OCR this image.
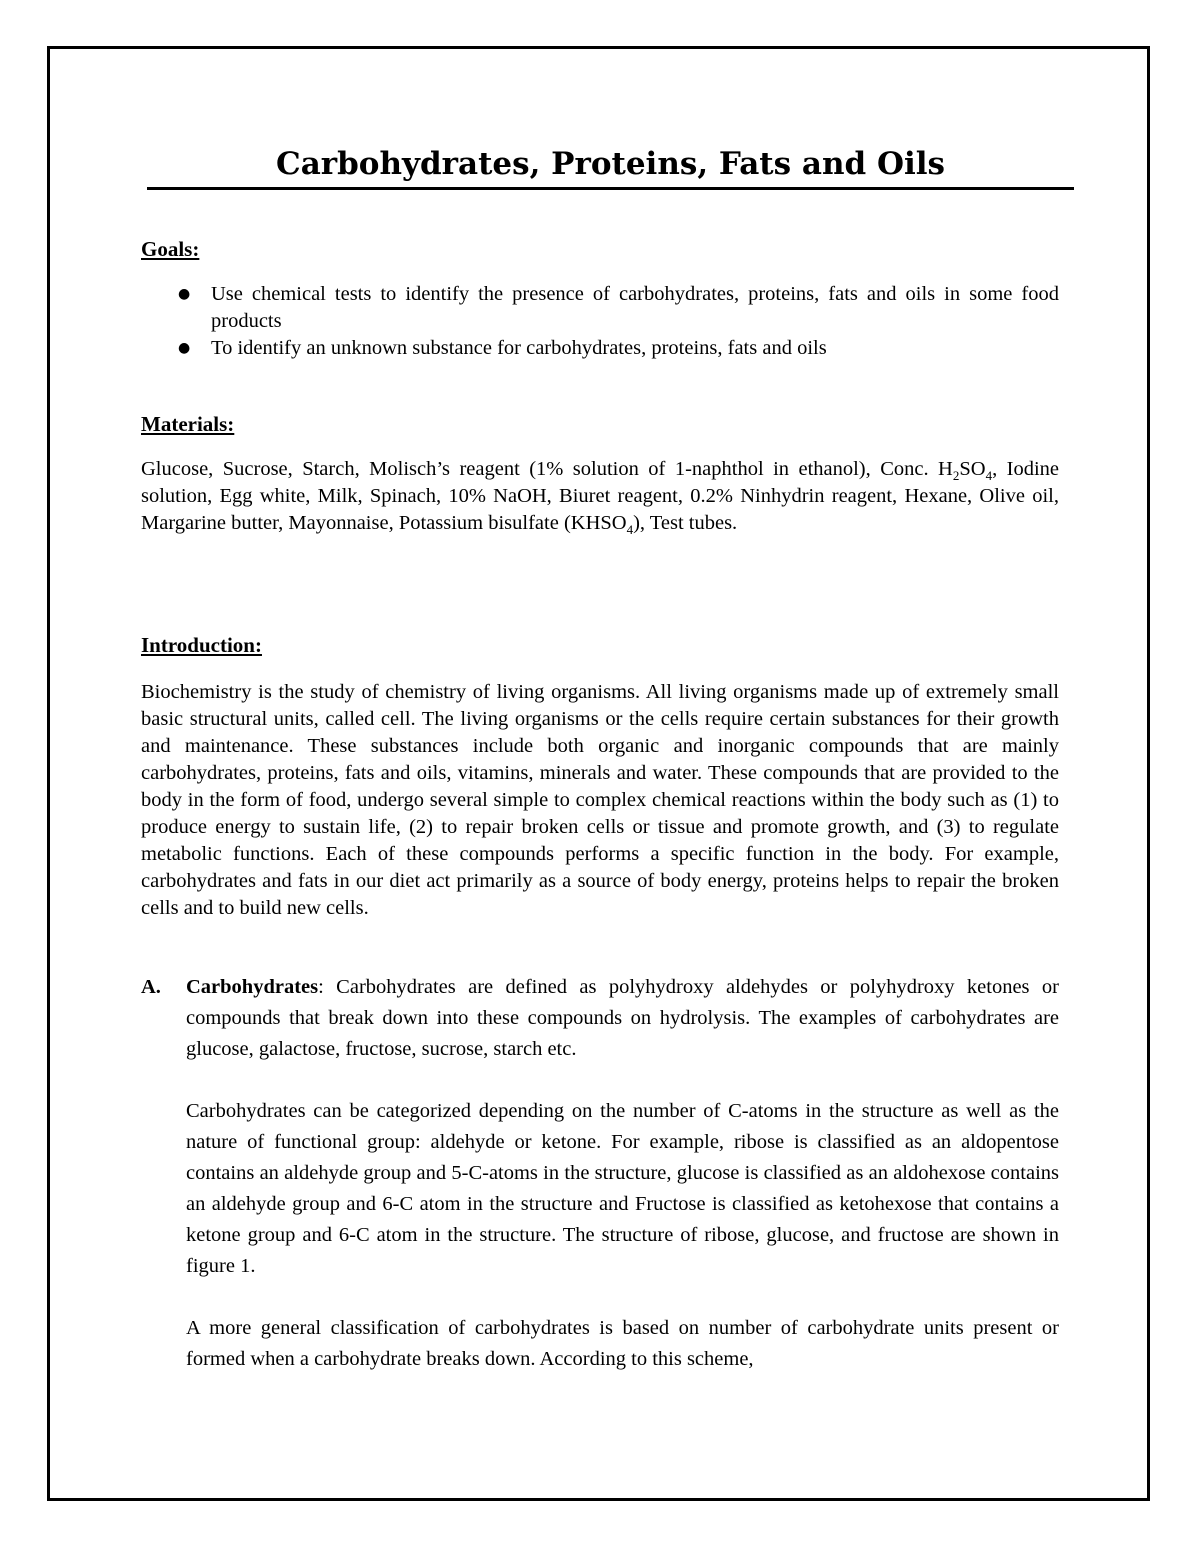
Carbohydrates, Proteins, Fats and Oils
Goals:
● Use chemical tests to identify the presence of carbohydrates, proteins, fats and oils in some food products
● To identify an unknown substance for carbohydrates, proteins, fats and oils
Materials:

Glucose, Sucrose, Starch, Molisch’s reagent (1% solution of 1-naphthol in ethanol), Conc. $H_2SO_4$, Iodine solution, Egg white, Milk, Spinach, 10% NaOH, Biuret reagent, 0.2% Ninhydrin reagent, Hexane, Olive oil, Margarine butter, Mayonnaise, Potassium bisulfate $(KHSO_4)$, Test tubes.

Introduction:

Biochemistry is the study of chemistry of living organisms. All living organisms made up of extremely small basic structural units, called cell. The living organisms or the cells require certain substances for their growth and maintenance. These substances include both organic and inorganic compounds that are mainly carbohydrates, proteins, fats and oils, vitamins, minerals and water. These compounds that are provided to the body in the form of food, undergo several simple to complex chemical reactions within the body such as (1) to produce energy to sustain life, (2) to repair broken cells or tissue and promote growth, and (3) to regulate metabolic functions. Each of these compounds performs a specific function in the body. For example, carbohydrates and fats in our diet act primarily as a source of body energy, proteins helps to repair the broken cells and to build new cells.

A. Carbohydrates: Carbohydrates are defined as polyhydroxy aldehydes or polyhydroxy ketones or compounds that break down into these compounds on hydrolysis. The examples of carbohydrates are glucose, galactose, fructose, sucrose, starch etc.

Carbohydrates can be categorized depending on the number of C-atoms in the structure as well as the nature of functional group: aldehyde or ketone. For example, ribose is classified as an aldopentose contains an aldehyde group and 5-C-atoms in the structure, glucose is classified as an aldohexose contains an aldehyde group and 6-C atom in the structure and Fructose is classified as ketohexose that contains a ketone group and 6-C atom in the structure. The structure of ribose, glucose, and fructose are shown in figure 1.

A more general classification of carbohydrates is based on number of carbohydrate units present or formed when a carbohydrate breaks down. According to this scheme,
